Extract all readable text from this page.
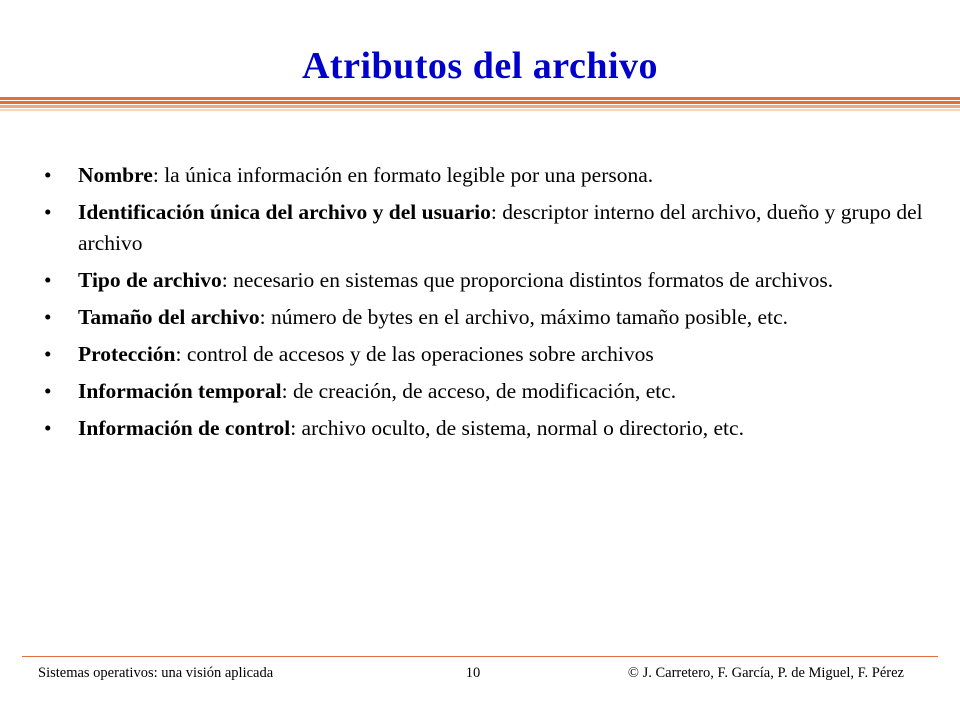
Atributos del archivo
•	Nombre: la única información en formato legible por una persona.
•	Identificación única del archivo y del usuario: descriptor interno del archivo, dueño y grupo del archivo
•	Tipo de archivo: necesario en sistemas que proporciona distintos formatos de archivos.
•	Tamaño del archivo: número de bytes en el archivo, máximo tamaño posible, etc.
•	Protección: control de accesos y de las operaciones sobre archivos
•	Información temporal: de creación, de acceso, de modificación, etc.
•	Información de control: archivo oculto, de sistema, normal o directorio, etc.
Sistemas operativos: una visión aplicada	10	© J. Carretero, F. García, P. de Miguel, F. Pérez
